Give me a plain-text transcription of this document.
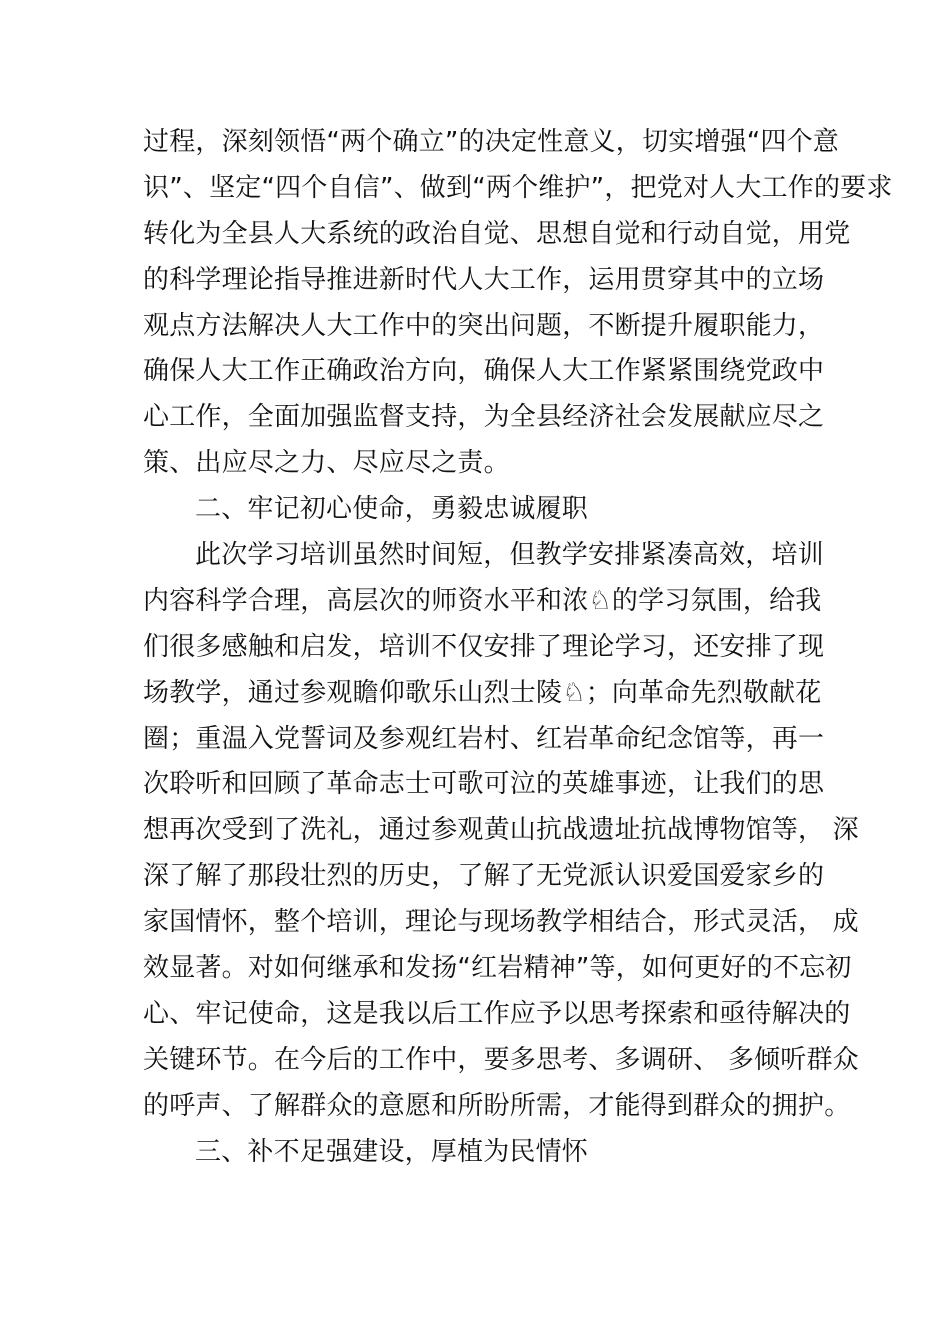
过程，深刻领悟“两个确立”的决定性意义，切实增强“四个意
识”、坚定“四个自信”、做到“两个维护”，把党对人大工作的要求
转化为全县人大系统的政治自觉、思想自觉和行动自觉，用党
的科学理论指导推进新时代人大工作，运用贯穿其中的立场
观点方法解决人大工作中的突出问题，不断提升履职能力，
确保人大工作正确政治方向，确保人大工作紧紧围绕党政中
心工作，全面加强监督支持，为全县经济社会发展献应尽之
策、出应尽之力、尽应尽之责。
二、牢记初心使命，勇毅忠诚履职
此次学习培训虽然时间短，但教学安排紧凑高效，培训
内容科学合理，高层次的师资水平和浓♘的学习氛围，给我
们很多感触和启发，培训不仅安排了理论学习，还安排了现
场教学，通过参观瞻仰歌乐山烈士陵♘；向革命先烈敬献花
圈；重温入党誓词及参观红岩村、红岩革命纪念馆等，再一
次聆听和回顾了革命志士可歌可泣的英雄事迹，让我们的思
想再次受到了洗礼，通过参观黄山抗战遗址抗战博物馆等， 深
深了解了那段壮烈的历史，了解了无党派认识爱国爱家乡的
家国情怀，整个培训，理论与现场教学相结合，形式灵活， 成
效显著。对如何继承和发扬“红岩精神”等，如何更好的不忘初
心、牢记使命，这是我以后工作应予以思考探索和亟待解决的
关键环节。在今后的工作中，要多思考、多调研、 多倾听群众
的呼声、了解群众的意愿和所盼所需，才能得到群众的拥护。
三、补不足强建设，厚植为民情怀
